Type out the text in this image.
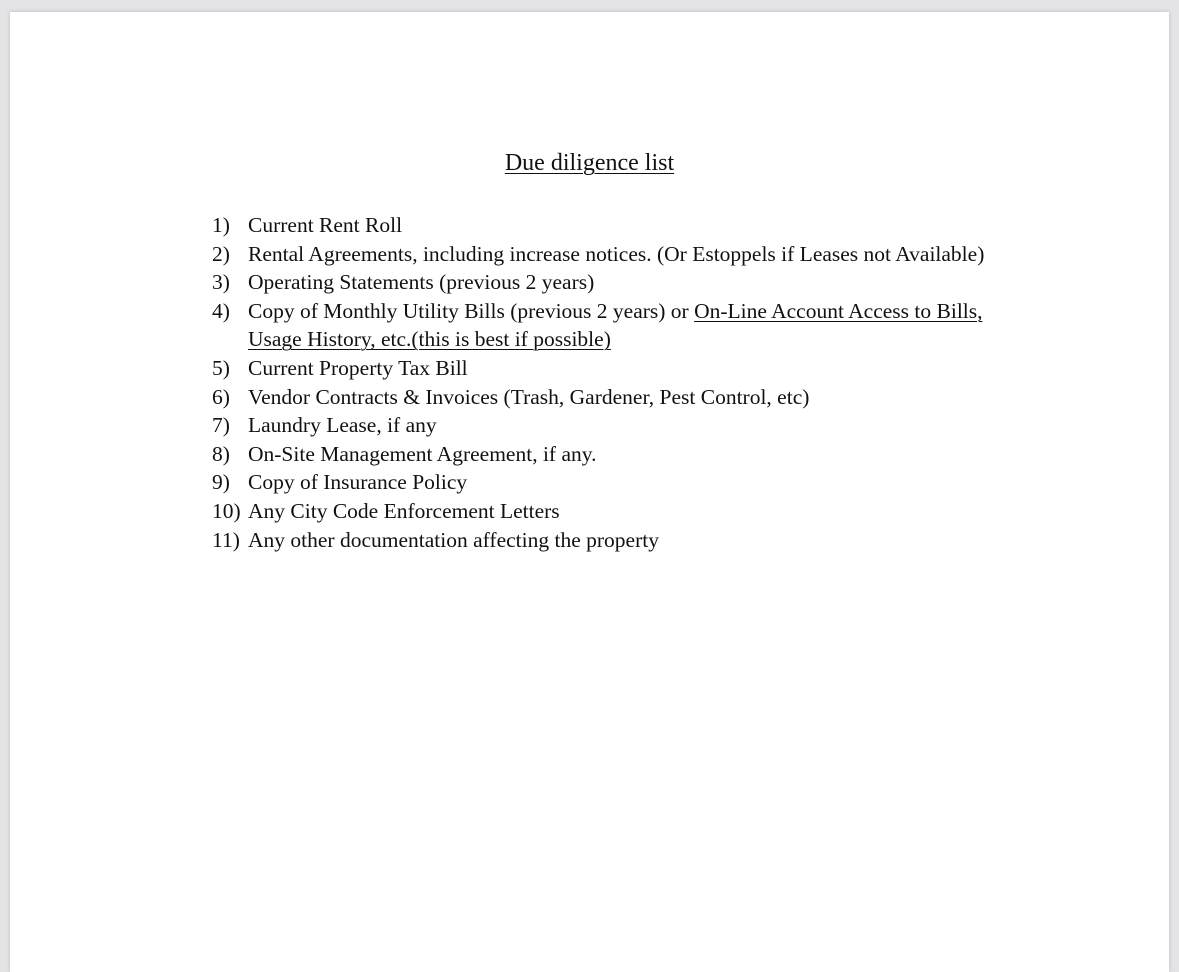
Due diligence list
1) Current Rent Roll
2) Rental Agreements, including increase notices. (Or Estoppels if Leases not Available)
3) Operating Statements (previous 2 years)
4) Copy of Monthly Utility Bills (previous 2 years) or On-Line Account Access to Bills, Usage History, etc.(this is best if possible)
5) Current Property Tax Bill
6) Vendor Contracts & Invoices (Trash, Gardener, Pest Control, etc)
7) Laundry Lease, if any
8) On-Site Management Agreement, if any.
9) Copy of Insurance Policy
10) Any City Code Enforcement Letters
11) Any other documentation affecting the property
